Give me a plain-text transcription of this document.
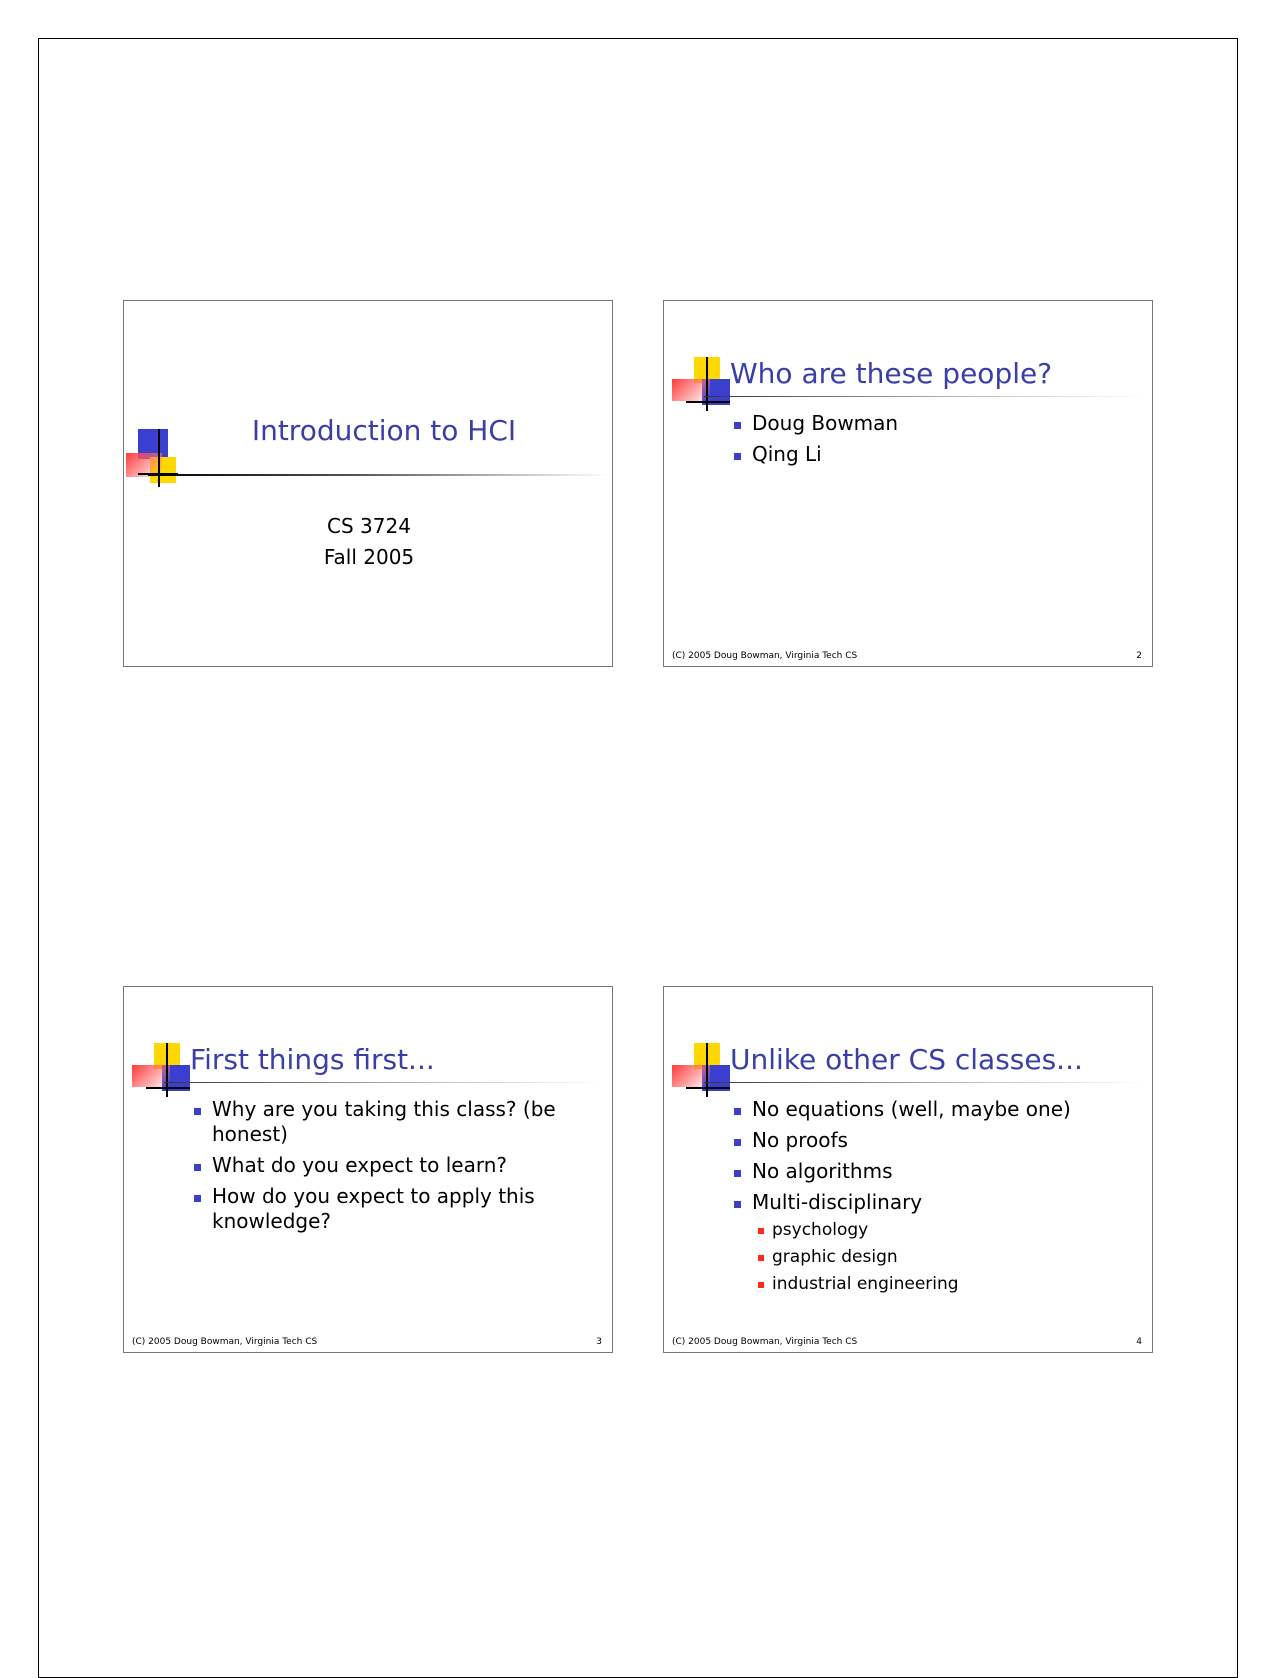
Introduction to HCI
CS 3724
Fall 2005
Who are these people?
Doug Bowman
Qing Li
(C) 2005 Doug Bowman, Virginia Tech CS	2
First things first...
Why are you taking this class? (be honest)
What do you expect to learn?
How do you expect to apply this knowledge?
(C) 2005 Doug Bowman, Virginia Tech CS	3
Unlike other CS classes...
No equations (well, maybe one)
No proofs
No algorithms
Multi-disciplinary
psychology
graphic design
industrial engineering
(C) 2005 Doug Bowman, Virginia Tech CS	4
